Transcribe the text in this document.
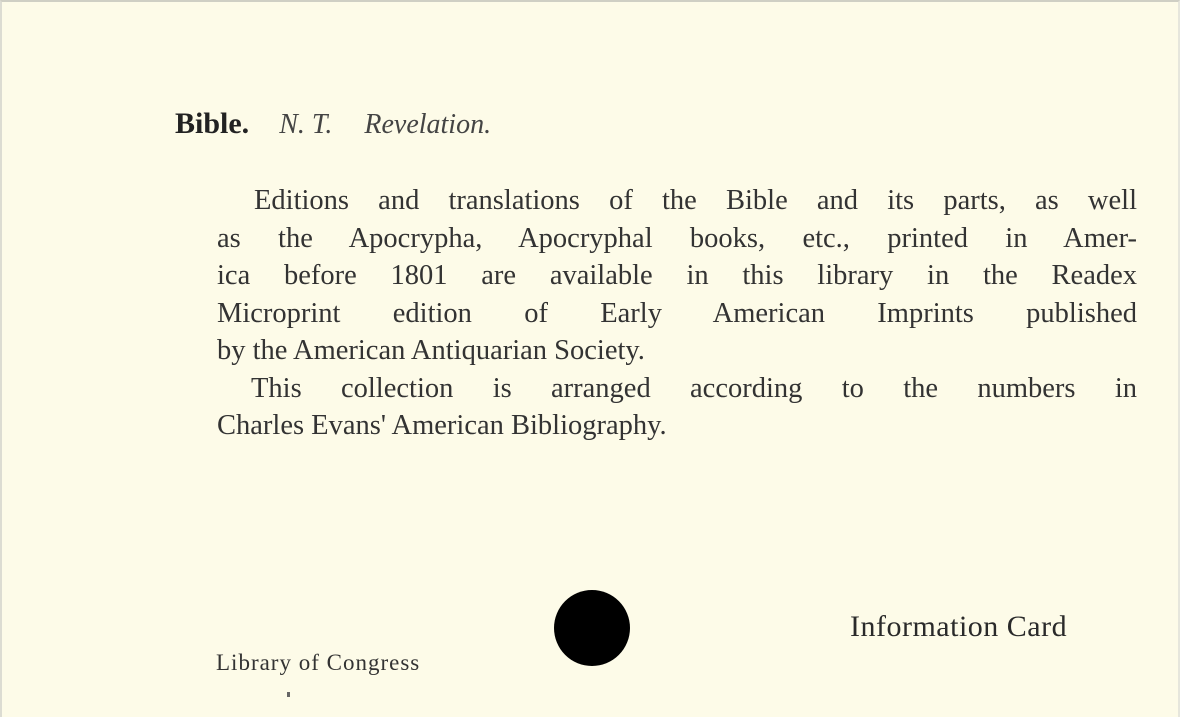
Bible. N. T. Revelation.
Editions and translations of the Bible and its parts, as well
as the Apocrypha, Apocryphal books, etc., printed in Amer-
ica before 1801 are available in this library in the Readex
Microprint edition of Early American Imprints published
by the American Antiquarian Society.
This collection is arranged according to the numbers in
Charles Evans' American Bibliography.
Information Card
Library of Congress
